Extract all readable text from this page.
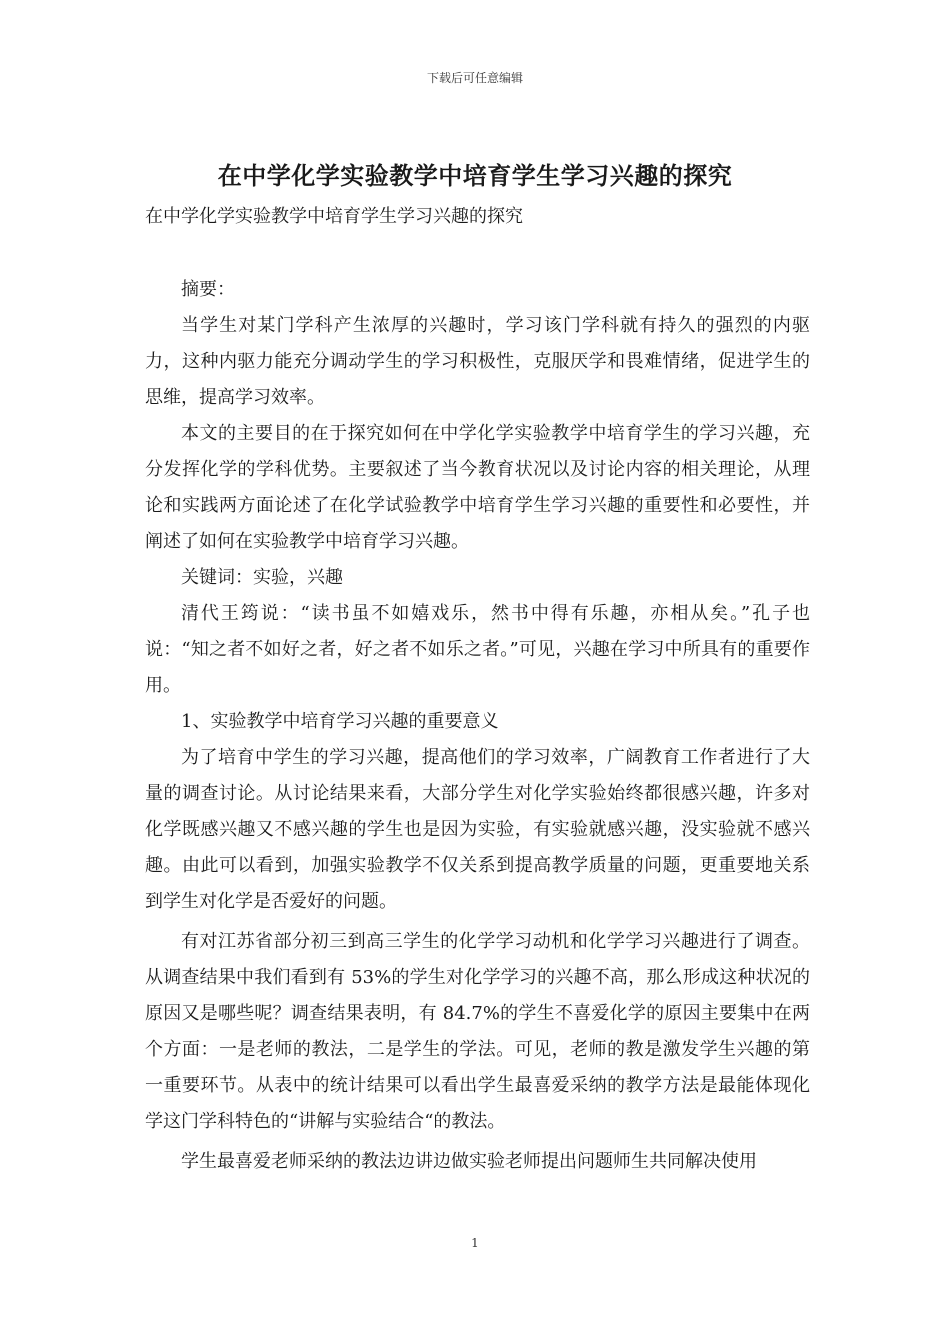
下载后可任意编辑
在中学化学实验教学中培育学生学习兴趣的探究
在中学化学实验教学中培育学生学习兴趣的探究

摘要：

当学生对某门学科产生浓厚的兴趣时，学习该门学科就有持久的强烈的内驱力，这种内驱力能充分调动学生的学习积极性，克服厌学和畏难情绪，促进学生的思维，提高学习效率。

本文的主要目的在于探究如何在中学化学实验教学中培育学生的学习兴趣，充分发挥化学的学科优势。主要叙述了当今教育状况以及讨论内容的相关理论，从理论和实践两方面论述了在化学试验教学中培育学生学习兴趣的重要性和必要性，并阐述了如何在实验教学中培育学习兴趣。

关键词：实验，兴趣

清代王筠说：“读书虽不如嬉戏乐，然书中得有乐趣，亦相从矣。”孔子也说：“知之者不如好之者，好之者不如乐之者。”可见，兴趣在学习中所具有的重要作用。

1、实验教学中培育学习兴趣的重要意义

为了培育中学生的学习兴趣，提高他们的学习效率，广阔教育工作者进行了大量的调查讨论。从讨论结果来看，大部分学生对化学实验始终都很感兴趣，许多对化学既感兴趣又不感兴趣的学生也是因为实验，有实验就感兴趣，没实验就不感兴趣。由此可以看到，加强实验教学不仅关系到提高教学质量的问题，更重要地关系到学生对化学是否爱好的问题。

有对江苏省部分初三到高三学生的化学学习动机和化学学习兴趣进行了调查。从调查结果中我们看到有 53%的学生对化学学习的兴趣不高，那么形成这种状况的原因又是哪些呢？调查结果表明，有 84.7%的学生不喜爱化学的原因主要集中在两个方面：一是老师的教法，二是学生的学法。可见，老师的教是激发学生兴趣的第一重要环节。从表中的统计结果可以看出学生最喜爱采纳的教学方法是最能体现化学这门学科特色的“讲解与实验结合“的教法。

学生最喜爱老师采纳的教法边讲边做实验老师提出问题师生共同解决使用

1
